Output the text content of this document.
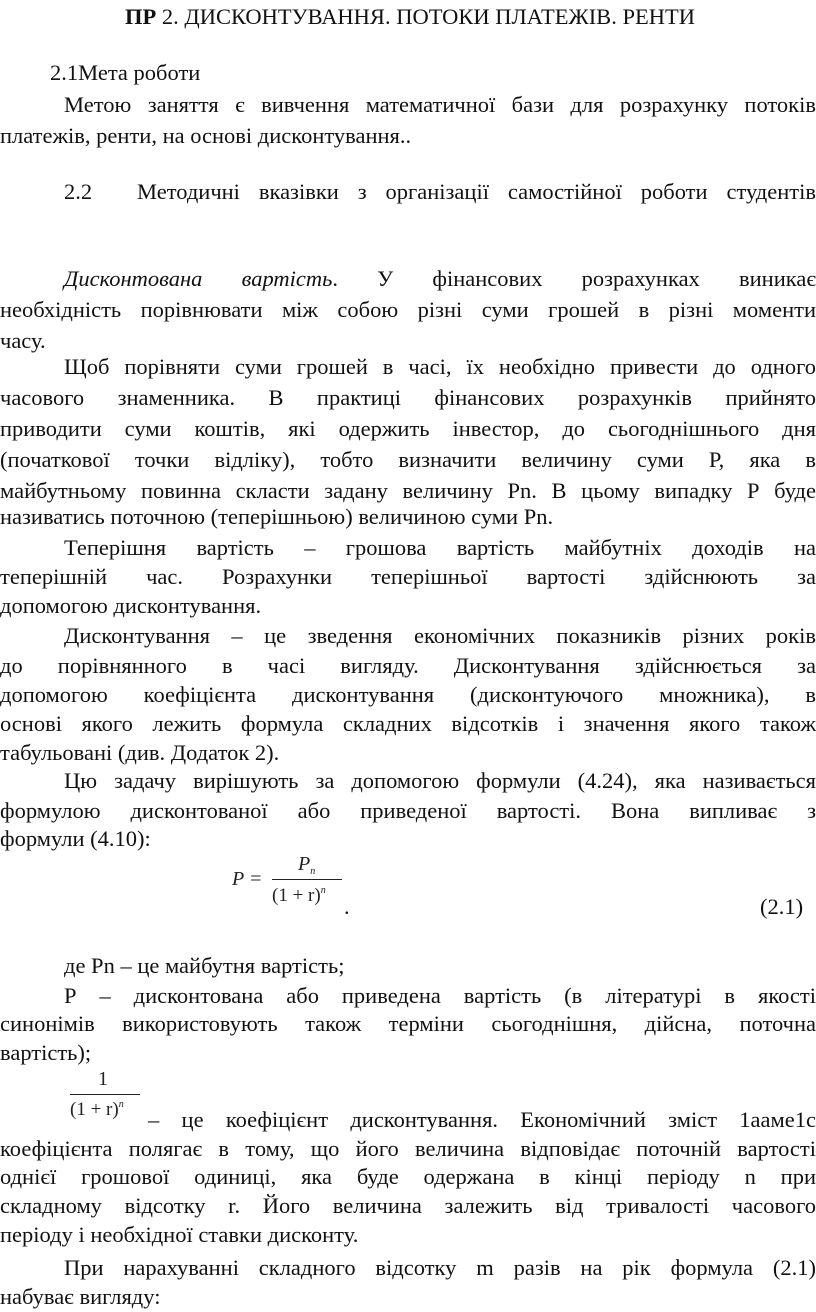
ПР 2. ДИСКОНТУВАННЯ. ПОТОКИ ПЛАТЕЖІВ. РЕНТИ
2.1Мета роботи
Метою заняття є вивчення математичної бази для розрахунку потоків
платежів, ренти, на основі дисконтування..
2.2	Методичні вказівки з організації самостійної роботи студентів
Дисконтована вартість. У фінансових розрахунках виникає
необхідність порівнювати між собою різні суми грошей в різні моменти
часу.
Щоб порівняти суми грошей в часі, їх необхідно привести до одного
часового знаменника. В практиці фінансових розрахунків прийнято
приводити суми коштів, які одержить інвестор, до сьогоднішнього дня
(початкової точки відліку), тобто визначити величину суми Р, яка в
майбутньому повинна скласти задану величину Pn. В цьому випадку Р буде
називатись поточною (теперішньою) величиною суми Pn.
Теперішня вартість – грошова вартість майбутніх доходів на
теперішній час. Розрахунки теперішньої вартості здійснюють за
допомогою дисконтування.
Дисконтування – це зведення економічних показників різних років
до порівнянного в часі вигляду. Дисконтування здійснюється за
допомогою коефіцієнта дисконтування (дисконтуючого множника), в
основі якого лежить формула складних відсотків і значення якого також
табульовані (див. Додаток 2).
Цю задачу вирішують за допомогою формули (4.24), яка називається
формулою дисконтованої або приведеної вартості. Вона випливає з
формули (4.10):
P =
$P_n$
$(1 + r)^n$
.	(2.1)
де Pn – це майбутня вартість;
Р – дисконтована або приведена вартість (в літературі в якості
синонімів використовують також терміни сьогоднішня, дійсна, поточна
вартість);
1
$(1 + r)^n$
– це коефіцієнт дисконтування. Економічний зміст 1ааме1с
коефіцієнта полягає в тому, що його величина відповідає поточній вартості
однієї грошової одиниці, яка буде одержана в кінці періоду n при
складному відсотку r. Його величина залежить від тривалості часового
періоду і необхідної ставки дисконту.
При нарахуванні складного відсотку m разів на рік формула (2.1)
набуває вигляду:
